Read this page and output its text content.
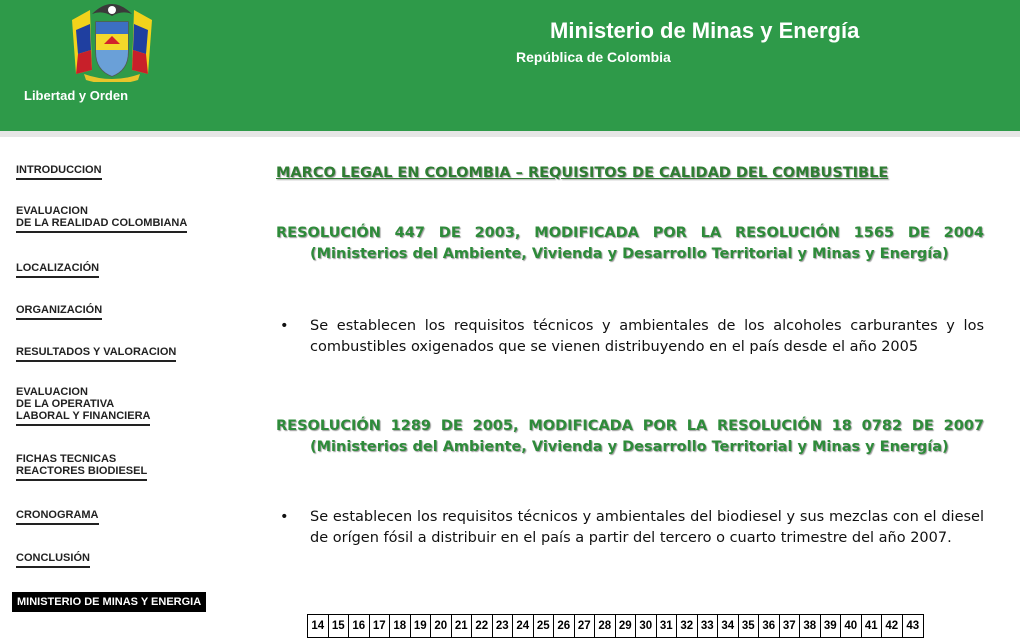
Libertad y Orden
Ministerio de Minas y Energía
República de Colombia
INTRODUCCION
EVALUACION
DE LA REALIDAD COLOMBIANA
LOCALIZACIÓN
ORGANIZACIÓN
RESULTADOS Y VALORACION
EVALUACION
DE LA OPERATIVA
LABORAL Y FINANCIERA
FICHAS TECNICAS
REACTORES BIODIESEL
CRONOGRAMA
CONCLUSIÓN
MINISTERIO DE MINAS Y ENERGIA
MARCO LEGAL EN COLOMBIA – REQUISITOS DE CALIDAD DEL COMBUSTIBLE
RESOLUCIÓN 447 DE 2003, MODIFICADA POR LA RESOLUCIÓN 1565 DE 2004
(Ministerios del Ambiente, Vivienda y Desarrollo Territorial y Minas y Energía)
• Se establecen los requisitos técnicos y ambientales de los alcoholes carburantes y los combustibles oxigenados que se vienen distribuyendo en el país desde el año 2005
RESOLUCIÓN 1289 DE 2005, MODIFICADA POR LA RESOLUCIÓN 18 0782 DE 2007
(Ministerios del Ambiente, Vivienda y Desarrollo Territorial y Minas y Energía)
• Se establecen los requisitos técnicos y ambientales del biodiesel y sus mezclas con el diesel de orígen fósil a distribuir en el país a partir del tercero o cuarto trimestre del año 2007.
14 15 16 17 18 19 20 21 22 23 24 25 26 27 28 29 30 31 32 33 34 35 36 37 38 39 40 41 42 43
